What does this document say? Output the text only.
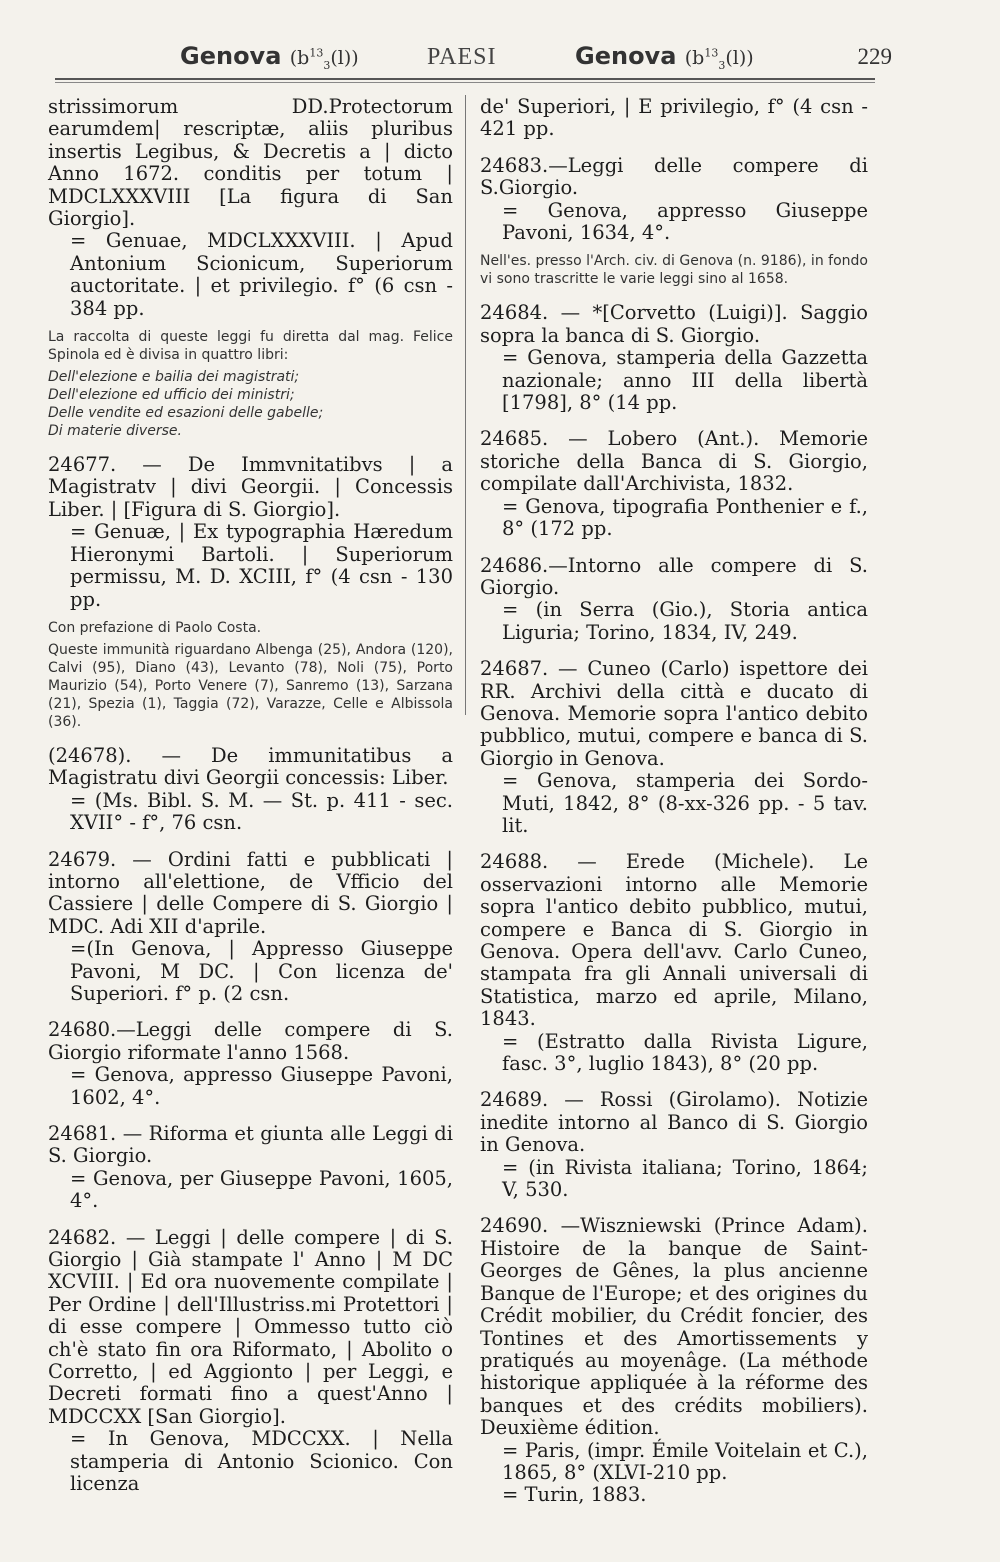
Genova $(b^{13}_3(l))$	PAESI	Genova $(b^{13}_3(l))$	229

strissimorum DD.Protectorum earumdem| rescriptæ, aliis pluribus insertis Legibus, & Decretis a | dicto Anno 1672. conditis per totum | MDCLXXXVIII [La figura di San Giorgio].

= Genuae, MDCLXXXVIII. | Apud Antonium Scionicum, Superiorum auctoritate. | et privilegio. f° (6 csn - 384 pp.

La raccolta di queste leggi fu diretta dal mag. Felice Spinola ed è divisa in quattro libri:

Dell'elezione e bailia dei magistrati;

Dell'elezione ed ufficio dei ministri;

Delle vendite ed esazioni delle gabelle;

Di materie diverse.

24677. — De Immvnitatibvs | a Magistratv | divi Georgii. | Concessis Liber. | [Figura di S. Giorgio].

= Genuæ, | Ex typographia Hæredum Hieronymi Bartoli. | Superiorum permissu, M. D. XCIII, f° (4 csn - 130 pp.

Con prefazione di Paolo Costa.

Queste immunità riguardano Albenga (25), Andora (120), Calvi (95), Diano (43), Levanto (78), Noli (75), Porto Maurizio (54), Porto Venere (7), Sanremo (13), Sarzana (21), Spezia (1), Taggia (72), Varazze, Celle e Albissola (36).

(24678). — De immunitatibus a Magistratu divi Georgii concessis: Liber.

= (Ms. Bibl. S. M. — St. p. 411 - sec. XVII° - f°, 76 csn.

24679. — Ordini fatti e pubblicati | intorno all'elettione, de Vfficio del Cassiere | delle Compere di S. Giorgio | MDC. Adi XII d'aprile.

=(In Genova, | Appresso Giuseppe Pavoni, M DC. | Con licenza de' Superiori. f° p. (2 csn.

24680.—Leggi delle compere di S. Giorgio riformate l'anno 1568.

= Genova, appresso Giuseppe Pavoni, 1602, 4°.

24681. — Riforma et giunta alle Leggi di S. Giorgio.

= Genova, per Giuseppe Pavoni, 1605, 4°.

24682. — Leggi | delle compere | di S. Giorgio | Già stampate l' Anno | M DC XCVIII. | Ed ora nuovemente compilate | Per Ordine | dell'Illustriss.mi Protettori | di esse compere | Ommesso tutto ciò ch'è stato fin ora Riformato, | Abolito o Corretto, | ed Aggionto | per Leggi, e Decreti formati fino a quest'Anno | MDCCXX [San Giorgio].

= In Genova, MDCCXX. | Nella stamperia di Antonio Scionico. Con licenza

de' Superiori, | E privilegio, f° (4 csn - 421 pp.

24683.—Leggi delle compere di S.Giorgio.

= Genova, appresso Giuseppe Pavoni, 1634, 4°.

Nell'es. presso l'Arch. civ. di Genova (n. 9186), in fondo vi sono trascritte le varie leggi sino al 1658.

24684. — *[Corvetto (Luigi)]. Saggio sopra la banca di S. Giorgio.

= Genova, stamperia della Gazzetta nazionale; anno III della libertà [1798], 8° (14 pp.

24685. — Lobero (Ant.). Memorie storiche della Banca di S. Giorgio, compilate dall'Archivista, 1832.

= Genova, tipografia Ponthenier e f., 8° (172 pp.

24686.—Intorno alle compere di S. Giorgio.

= (in Serra (Gio.), Storia antica Liguria; Torino, 1834, IV, 249.

24687. — Cuneo (Carlo) ispettore dei RR. Archivi della città e ducato di Genova. Memorie sopra l'antico debito pubblico, mutui, compere e banca di S. Giorgio in Genova.

= Genova, stamperia dei Sordo-Muti, 1842, 8° (8-xx-326 pp. - 5 tav. lit.

24688. — Erede (Michele). Le osservazioni intorno alle Memorie sopra l'antico debito pubblico, mutui, compere e Banca di S. Giorgio in Genova. Opera dell'avv. Carlo Cuneo, stampata fra gli Annali universali di Statistica, marzo ed aprile, Milano, 1843.

= (Estratto dalla Rivista Ligure, fasc. 3°, luglio 1843), 8° (20 pp.

24689. — Rossi (Girolamo). Notizie inedite intorno al Banco di S. Giorgio in Genova.

= (in Rivista italiana; Torino, 1864; V, 530.

24690. —Wiszniewski (Prince Adam). Histoire de la banque de Saint-Georges de Gênes, la plus ancienne Banque de l'Europe; et des origines du Crédit mobilier, du Crédit foncier, des Tontines et des Amortissements y pratiqués au moyenâge. (La méthode historique appliquée à la réforme des banques et des crédits mobiliers). Deuxième édition.

= Paris, (impr. Émile Voitelain et C.), 1865, 8° (XLVI-210 pp.

= Turin, 1883.
